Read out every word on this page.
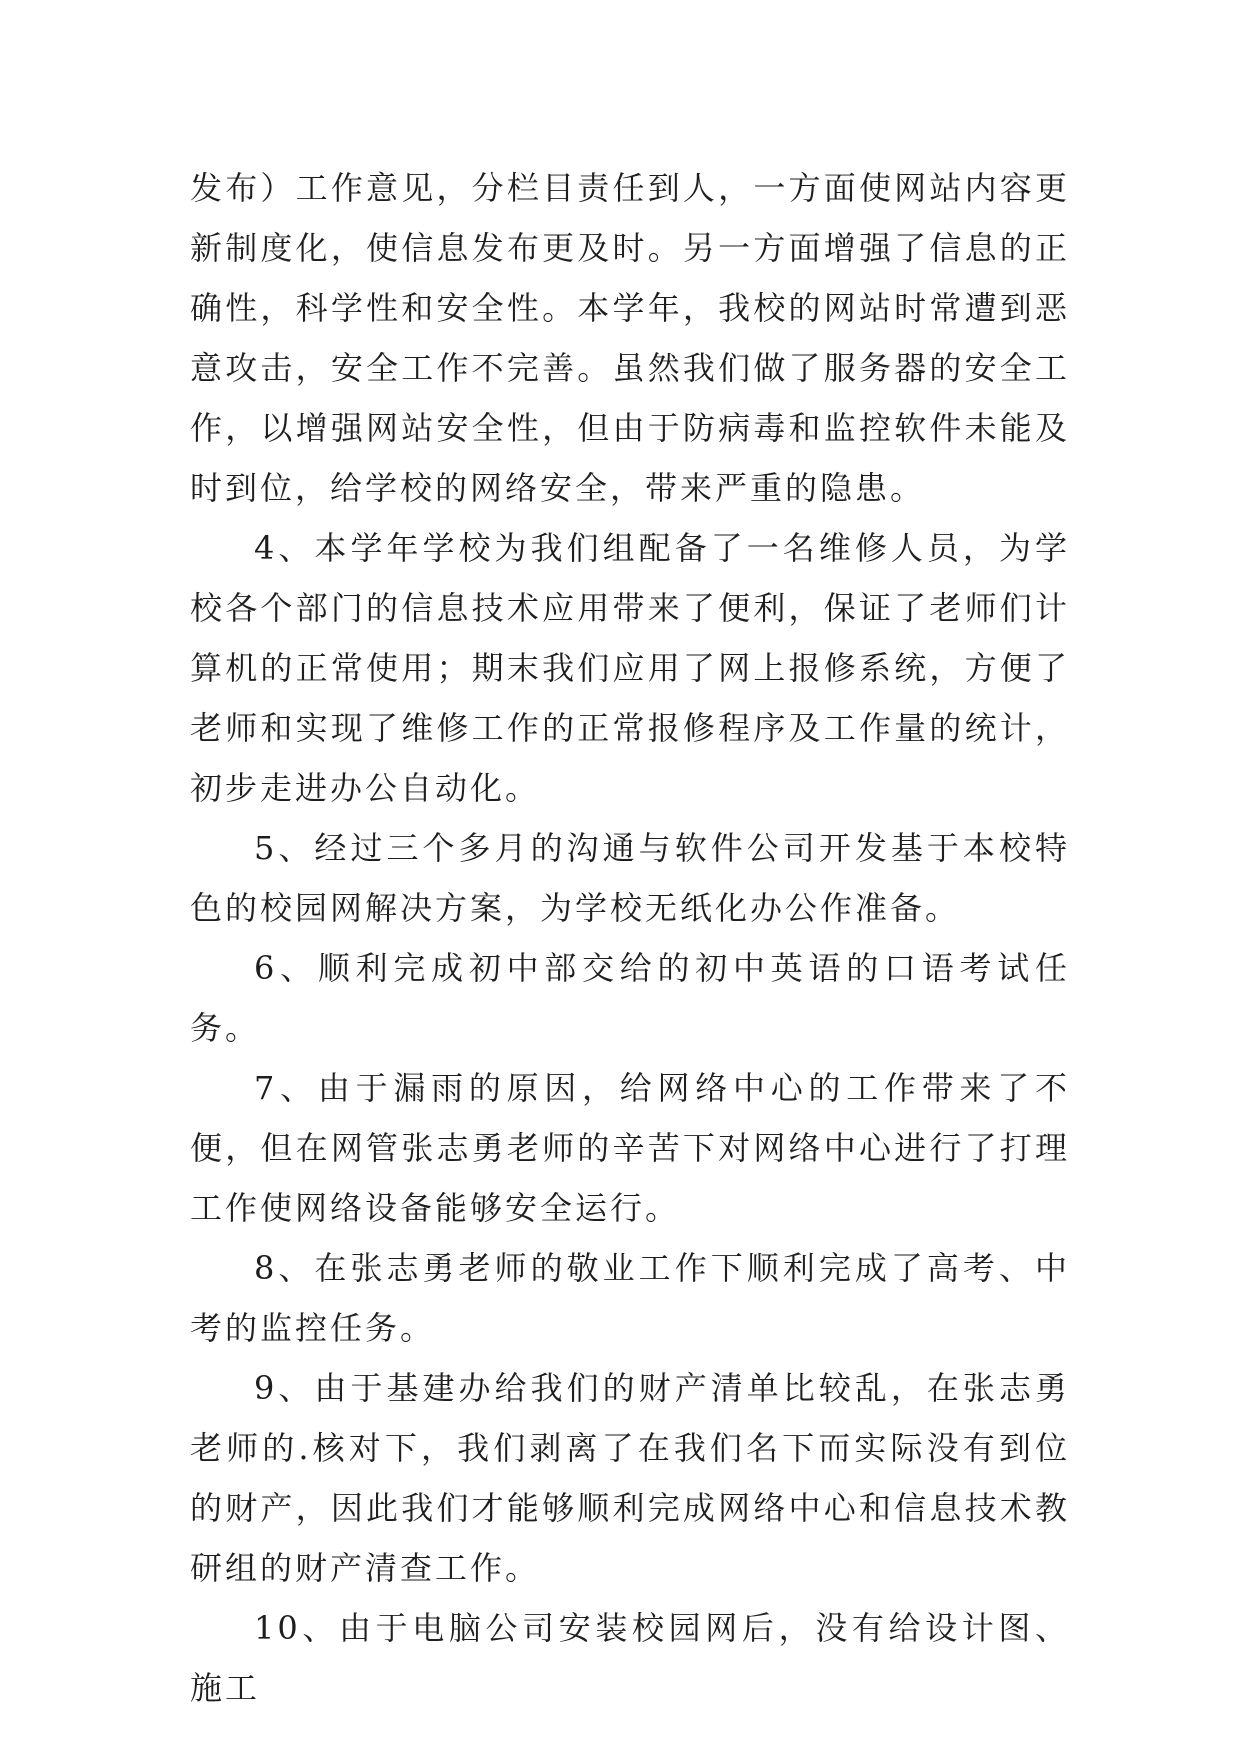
发布）工作意见，分栏目责任到人，一方面使网站内容更新制度化，使信息发布更及时。另一方面增强了信息的正确性，科学性和安全性。本学年，我校的网站时常遭到恶意攻击，安全工作不完善。虽然我们做了服务器的安全工作，以增强网站安全性，但由于防病毒和监控软件未能及时到位，给学校的网络安全，带来严重的隐患。

4、本学年学校为我们组配备了一名维修人员，为学校各个部门的信息技术应用带来了便利，保证了老师们计算机的正常使用；期末我们应用了网上报修系统，方便了老师和实现了维修工作的正常报修程序及工作量的统计，初步走进办公自动化。

5、经过三个多月的沟通与软件公司开发基于本校特色的校园网解决方案，为学校无纸化办公作准备。

6、顺利完成初中部交给的初中英语的口语考试任务。

7、由于漏雨的原因，给网络中心的工作带来了不便，但在网管张志勇老师的辛苦下对网络中心进行了打理工作使网络设备能够安全运行。

8、在张志勇老师的敬业工作下顺利完成了高考、中考的监控任务。

9、由于基建办给我们的财产清单比较乱，在张志勇老师的.核对下，我们剥离了在我们名下而实际没有到位的财产，因此我们才能够顺利完成网络中心和信息技术教研组的财产清查工作。

10、由于电脑公司安装校园网后，没有给设计图、施工
